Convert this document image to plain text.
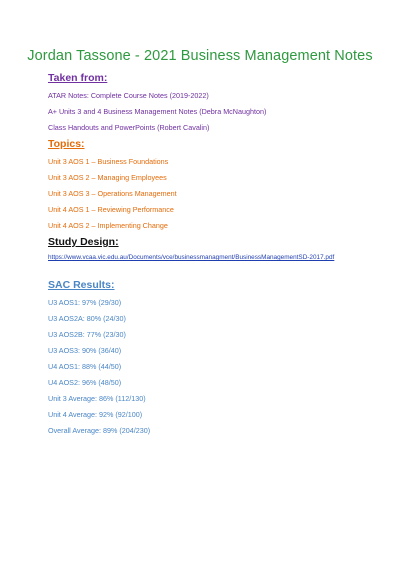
Jordan Tassone - 2021 Business Management Notes
Taken from:
ATAR Notes: Complete Course Notes (2019-2022)
A+ Units 3 and 4 Business Management Notes (Debra McNaughton)
Class Handouts and PowerPoints (Robert Cavalin)
Topics:
Unit 3 AOS 1 – Business Foundations
Unit 3 AOS 2 – Managing Employees
Unit 3 AOS 3 – Operations Management
Unit 4 AOS 1 – Reviewing Performance
Unit 4 AOS 2 – Implementing Change
Study Design:
https://www.vcaa.vic.edu.au/Documents/vce/businessmanagment/BusinessManagementSD-2017.pdf
SAC Results:
U3 AOS1: 97% (29/30)
U3 AOS2A: 80% (24/30)
U3 AOS2B: 77% (23/30)
U3 AOS3: 90% (36/40)
U4 AOS1: 88% (44/50)
U4 AOS2: 96% (48/50)
Unit 3 Average: 86% (112/130)
Unit 4 Average: 92% (92/100)
Overall Average: 89% (204/230)
